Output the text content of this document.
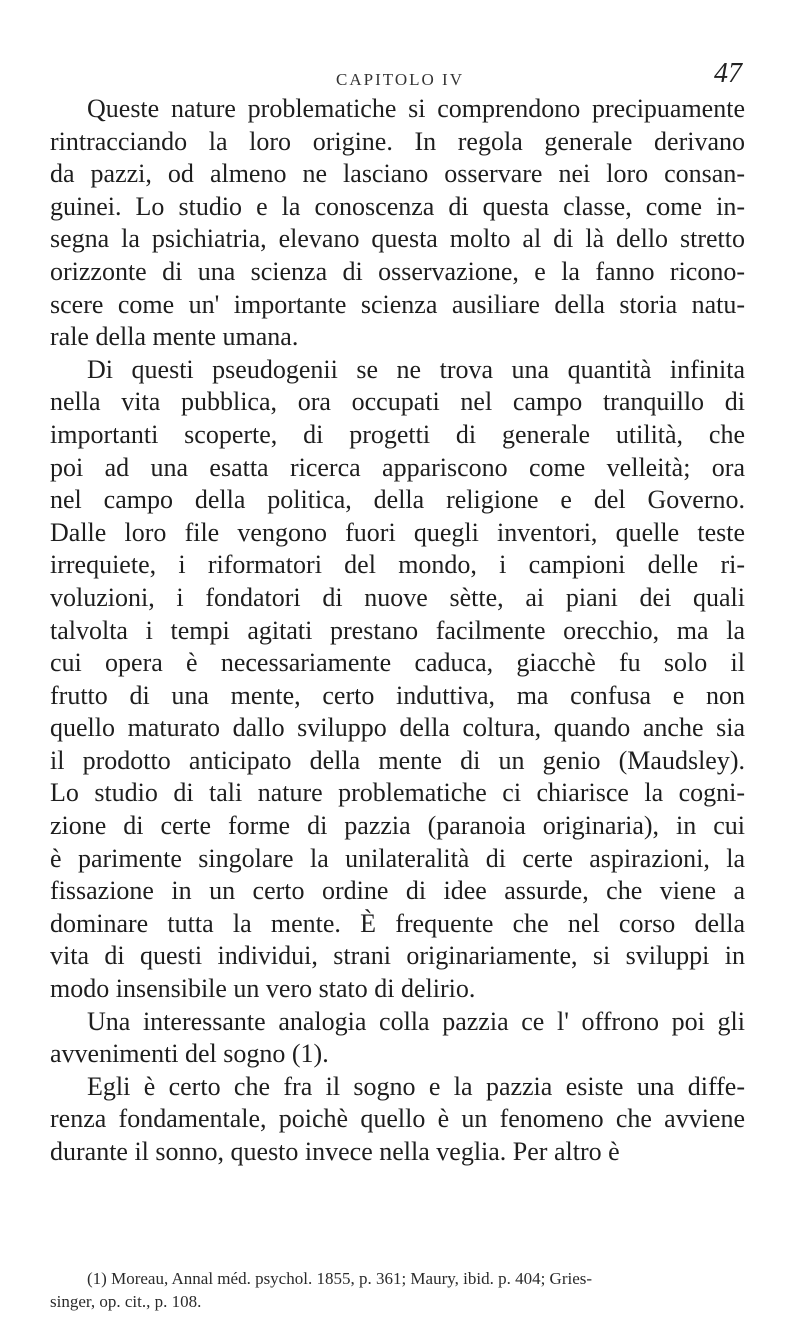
CAPITOLO IV	47

Queste nature problematiche si comprendono precipuamente
rintracciando la loro origine. In regola generale derivano
da pazzi, od almeno ne lasciano osservare nei loro consan-
guinei. Lo studio e la conoscenza di questa classe, come in-
segna la psichiatria, elevano questa molto al di là dello stretto
orizzonte di una scienza di osservazione, e la fanno ricono-
scere come un' importante scienza ausiliare della storia natu-
rale della mente umana.

Di questi pseudogenii se ne trova una quantità infinita
nella vita pubblica, ora occupati nel campo tranquillo di
importanti scoperte, di progetti di generale utilità, che
poi ad una esatta ricerca appariscono come velleità; ora
nel campo della politica, della religione e del Governo.
Dalle loro file vengono fuori quegli inventori, quelle teste
irrequiete, i riformatori del mondo, i campioni delle ri-
voluzioni, i fondatori di nuove sètte, ai piani dei quali
talvolta i tempi agitati prestano facilmente orecchio, ma la
cui opera è necessariamente caduca, giacchè fu solo il
frutto di una mente, certo induttiva, ma confusa e non
quello maturato dallo sviluppo della coltura, quando anche sia
il prodotto anticipato della mente di un genio (Maudsley).
Lo studio di tali nature problematiche ci chiarisce la cogni-
zione di certe forme di pazzia (paranoia originaria), in cui
è parimente singolare la unilateralità di certe aspirazioni, la
fissazione in un certo ordine di idee assurde, che viene a
dominare tutta la mente. È frequente che nel corso della
vita di questi individui, strani originariamente, si sviluppi in
modo insensibile un vero stato di delirio.

Una interessante analogia colla pazzia ce l' offrono poi gli
avvenimenti del sogno (1).

Egli è certo che fra il sogno e la pazzia esiste una diffe-
renza fondamentale, poichè quello è un fenomeno che avviene
durante il sonno, questo invece nella veglia. Per altro è

(1) Moreau, Annal méd. psychol. 1855, p. 361; Maury, ibid. p. 404; Gries-
singer, op. cit., p. 108.
